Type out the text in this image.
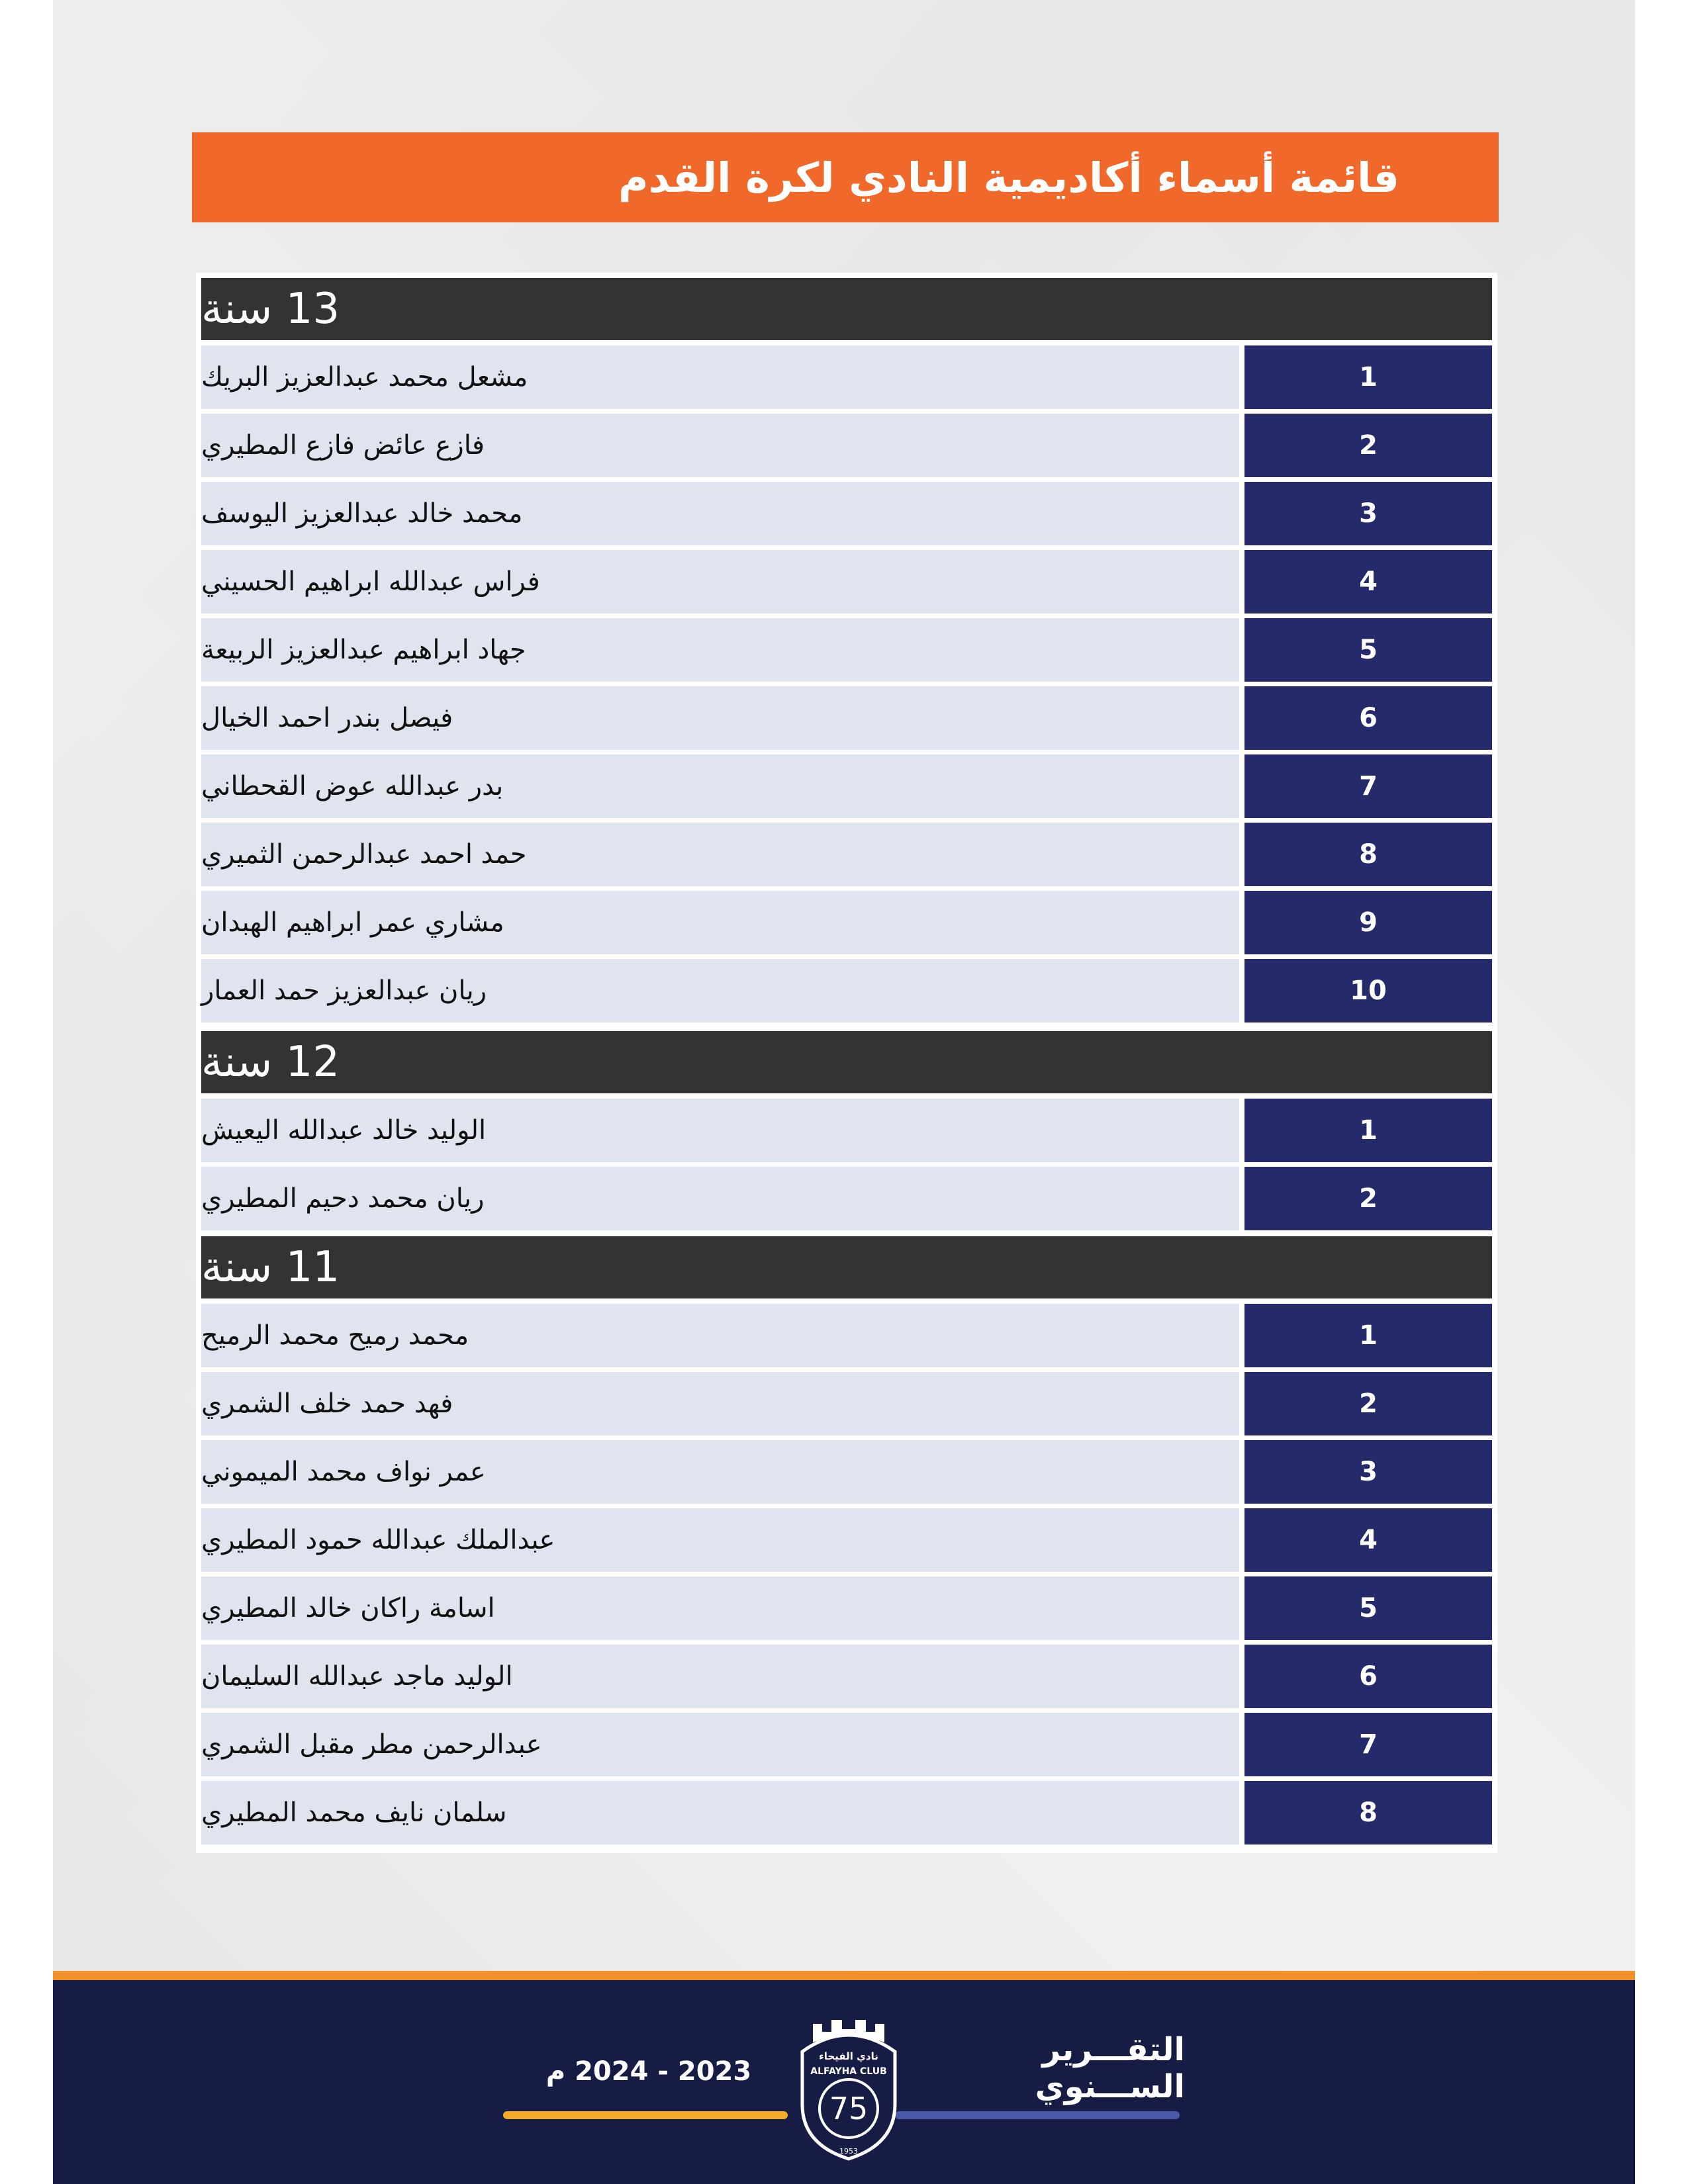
قائمة أسماء أكاديمية النادي لكرة القدم
13 سنة
مشعل محمد عبدالعزيز البريك	1
فازع عائض فازع المطيري	2
محمد خالد عبدالعزيز اليوسف	3
فراس عبدالله ابراهيم الحسيني	4
جهاد ابراهيم عبدالعزيز الربيعة	5
فيصل بندر احمد الخيال	6
بدر عبدالله عوض القحطاني	7
حمد احمد عبدالرحمن الثميري	8
مشاري عمر ابراهيم الهبدان	9
ريان عبدالعزيز حمد العمار	10
12 سنة
الوليد خالد عبدالله اليعيش	1
ريان محمد دحيم المطيري	2
11 سنة
محمد رميح محمد الرميح	1
فهد حمد خلف الشمري	2
عمر نواف محمد الميموني	3
عبدالملك عبدالله حمود المطيري	4
اسامة راكان خالد المطيري	5
الوليد ماجد عبدالله السليمان	6
عبدالرحمن مطر مقبل الشمري	7
سلمان نايف محمد المطيري	8
التقـــرير الســـنوي
2023 - 2024 م	نادي الفيحاء
ALFAYHA CLUB
75
1953
